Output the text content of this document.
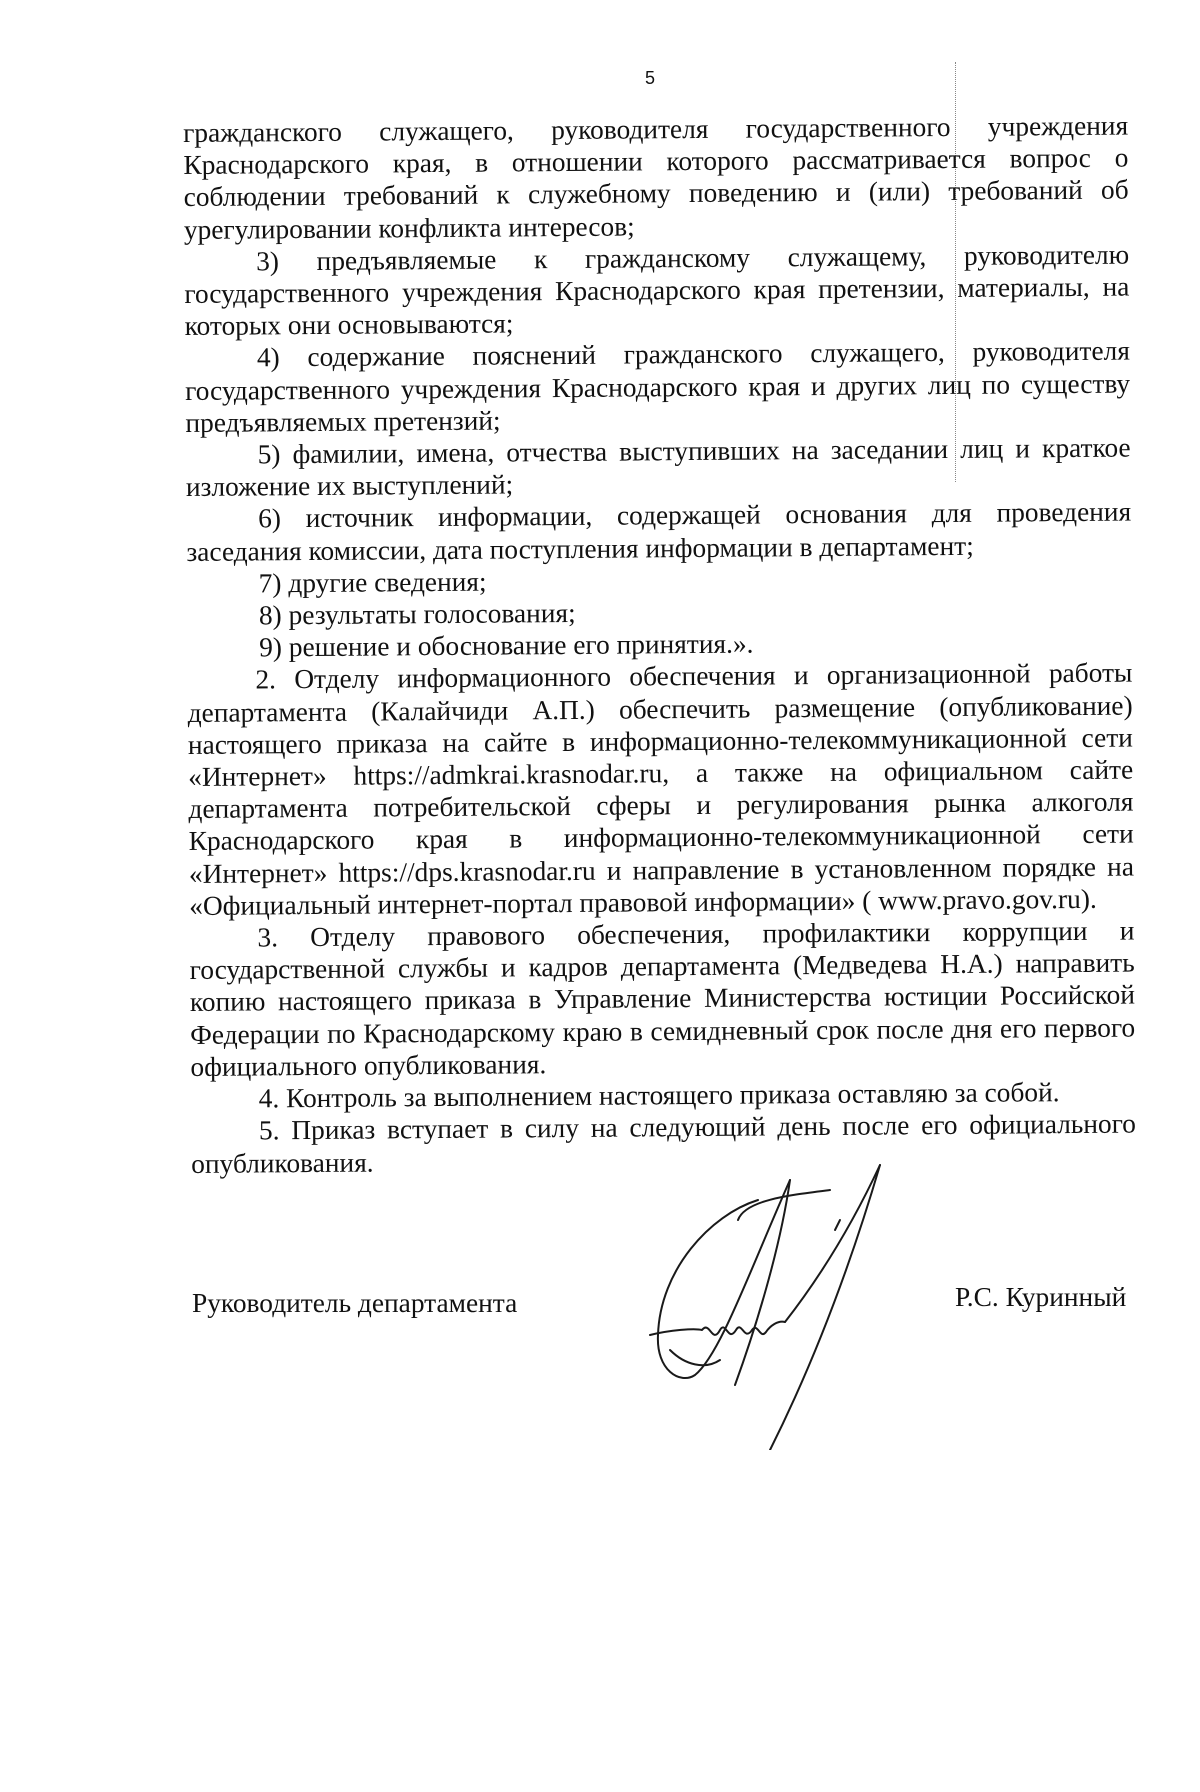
5

гражданского служащего, руководителя государственного учреждения Краснодарского края, в отношении которого рассматривается вопрос о соблюдении требований к служебному поведению и (или) требований об урегулировании конфликта интересов;

3) предъявляемые к гражданскому служащему, руководителю государственного учреждения Краснодарского края претензии, материалы, на которых они основываются;

4) содержание пояснений гражданского служащего, руководителя государственного учреждения Краснодарского края и других лиц по существу предъявляемых претензий;

5) фамилии, имена, отчества выступивших на заседании лиц и краткое изложение их выступлений;

6) источник информации, содержащей основания для проведения заседания комиссии, дата поступления информации в департамент;

7) другие сведения;

8) результаты голосования;

9) решение и обоснование его принятия.».

2. Отделу информационного обеспечения и организационной работы департамента (Калайчиди А.П.) обеспечить размещение (опубликование) настоящего приказа на сайте в информационно-телекоммуникационной сети «Интернет» https://admkrai.krasnodar.ru, а также на официальном сайте департамента потребительской сферы и регулирования рынка алкоголя Краснодарского края в информационно-телекоммуникационной сети «Интернет» https://dps.krasnodar.ru и направление в установленном порядке на «Официальный интернет-портал правовой информации» ( www.pravo.gov.ru).

3. Отделу правового обеспечения, профилактики коррупции и государственной службы и кадров департамента (Медведева Н.А.) направить копию настоящего приказа в Управление Министерства юстиции Российской Федерации по Краснодарскому краю в семидневный срок после дня его первого официального опубликования.

4. Контроль за выполнением настоящего приказа оставляю за собой.

5. Приказ вступает в силу на следующий день после его официального опубликования.

Руководитель департамента	Р.С. Куринный
